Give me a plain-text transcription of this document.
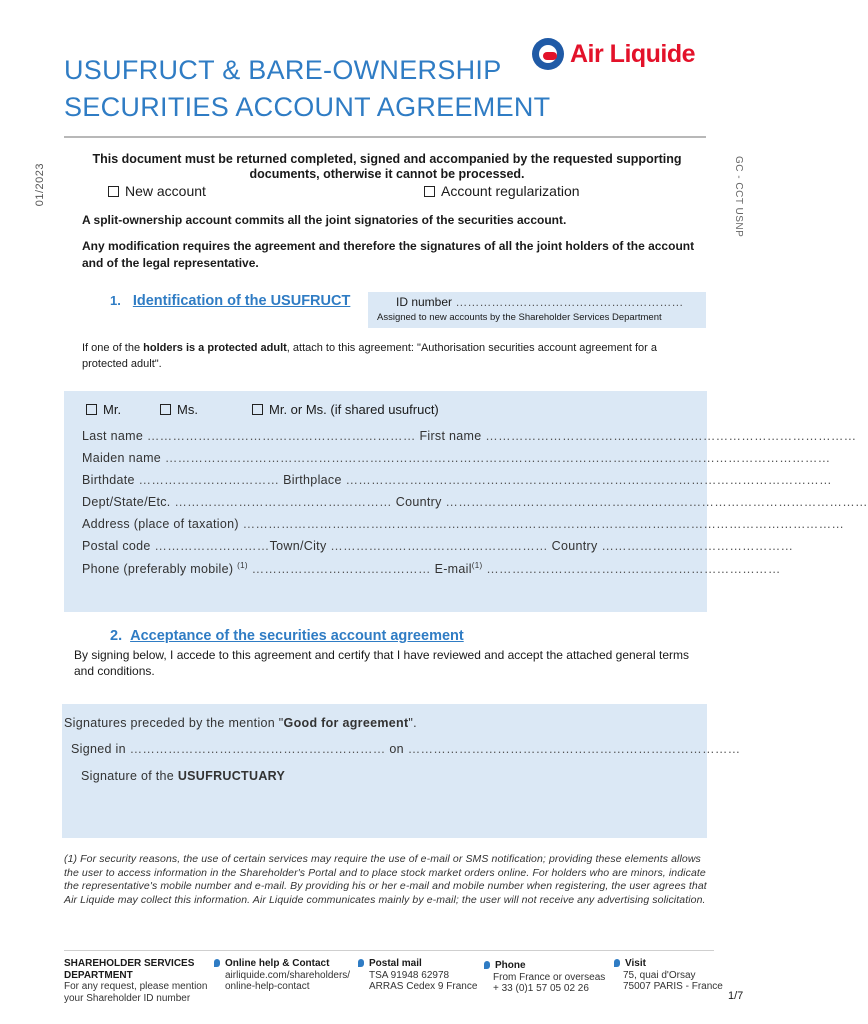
USUFRUCT & BARE-OWNERSHIP
SECURITIES ACCOUNT AGREEMENT
Air Liquide
01/2023	GC - CCT USNP
This document must be returned completed, signed and accompanied by the requested supporting documents, otherwise it cannot be processed.
New account	Account regularization
A split-ownership account commits all the joint signatories of the securities account.
Any modification requires the agreement and therefore the signatures of all the joint holders of the account and of the legal representative.
1. Identification of the USUFRUCT	ID number …………………………………………………
Assigned to new accounts by the Shareholder Services Department
If one of the holders is a protected adult, attach to this agreement: "Authorisation securities account agreement for a protected adult".
Mr.	Ms.	Mr. or Ms. (if shared usufruct)
Last name ……………………………………………………… First name ……………………………………………………………………………
Maiden name …………………………………………………………………………………………………………………………………………
Birthdate …………………………… Birthplace ……………………………………………………………………………………………………
Dept/State/Etc. …………………………………………… Country ………………………………………………………………………………………
Address (place of taxation) ……………………………………………………………………………………………………………………………
Postal code ………………………Town/City …………………………………………… Country ………………………………………
Phone (preferably mobile) $^{(1)}$ …………………………………… E-mail$^{(1)}$ ……………………………………………………………
2. Acceptance of the securities account agreement
By signing below, I accede to this agreement and certify that I have reviewed and accept the attached general terms and conditions.
Signatures preceded by the mention "Good for agreement".
Signed in …………………………………………………… on ……………………………………………………………………
Signature of the USUFRUCTUARY
(1) For security reasons, the use of certain services may require the use of e-mail or SMS notification; providing these elements allows the user to access information in the Shareholder's Portal and to place stock market orders online. For holders who are minors, indicate the representative's mobile number and e-mail. By providing his or her e-mail and mobile number when registering, the user agrees that Air Liquide may collect this information. Air Liquide communicates mainly by e-mail; the user will not receive any advertising solicitation.
SHAREHOLDER SERVICES DEPARTMENT
For any request, please mention your Shareholder ID number
Online help & Contact
airliquide.com/shareholders/ online-help-contact
Postal mail
TSA 91948 62978 ARRAS Cedex 9 France
Phone
From France or overseas + 33 (0)1 57 05 02 26
Visit
75, quai d'Orsay 75007 PARIS - France
1/7
